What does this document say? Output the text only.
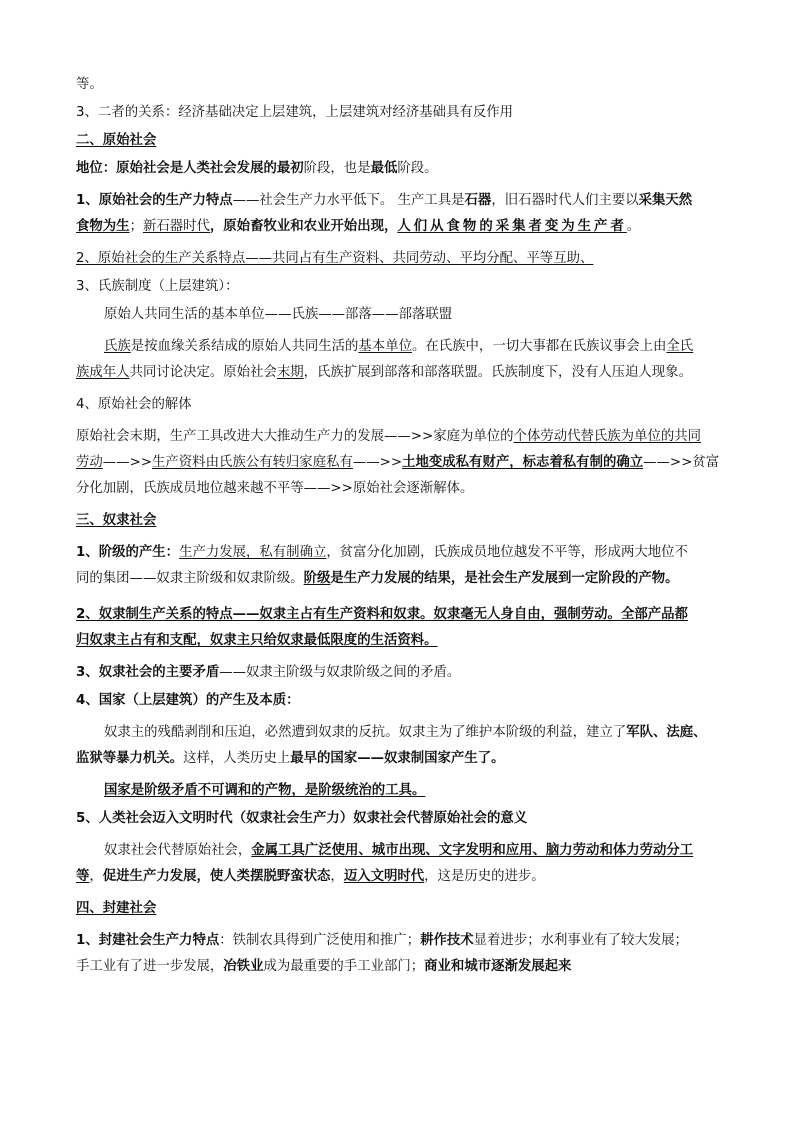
等。

3、二者的关系：经济基础决定上层建筑，上层建筑对经济基础具有反作用

二、原始社会

地位：原始社会是人类社会发展的最初阶段，也是最低阶段。

1、原始社会的生产力特点——社会生产力水平低下。 生产工具是石器，旧石器时代人们主要以采集天然

食物为生；新石器时代，原始畜牧业和农业开始出现，人们从食物的采集者变为生产者。

2、原始社会的生产关系特点——共同占有生产资料、共同劳动、平均分配、平等互助、

3、氏族制度（上层建筑）：

原始人共同生活的基本单位——氏族——部落——部落联盟

氏族是按血缘关系结成的原始人共同生活的基本单位。在氏族中，一切大事都在氏族议事会上由全氏

族成年人共同讨论决定。原始社会末期，氏族扩展到部落和部落联盟。氏族制度下，没有人压迫人现象。

4、原始社会的解体

原始社会末期，生产工具改进大大推动生产力的发展——>>家庭为单位的个体劳动代替氏族为单位的共同

劳动——>>生产资料由氏族公有转归家庭私有——>>土地变成私有财产，标志着私有制的确立——>>贫富

分化加剧，氏族成员地位越来越不平等——>>原始社会逐渐解体。

三、奴隶社会

1、阶级的产生：生产力发展，私有制确立，贫富分化加剧，氏族成员地位越发不平等，形成两大地位不

同的集团——奴隶主阶级和奴隶阶级。阶级是生产力发展的结果，是社会生产发展到一定阶段的产物。

2、奴隶制生产关系的特点——奴隶主占有生产资料和奴隶。奴隶毫无人身自由，强制劳动。全部产品都

归奴隶主占有和支配，奴隶主只给奴隶最低限度的生活资料。

3、奴隶社会的主要矛盾——奴隶主阶级与奴隶阶级之间的矛盾。

4、国家（上层建筑）的产生及本质：

奴隶主的残酷剥削和压迫，必然遭到奴隶的反抗。奴隶主为了维护本阶级的利益，建立了军队、法庭、

监狱等暴力机关。这样，人类历史上最早的国家——奴隶制国家产生了。

国家是阶级矛盾不可调和的产物，是阶级统治的工具。

5、人类社会迈入文明时代（奴隶社会生产力）奴隶社会代替原始社会的意义

奴隶社会代替原始社会，金属工具广泛使用、城市出现、文字发明和应用、脑力劳动和体力劳动分工

等，促进生产力发展，使人类摆脱野蛮状态，迈入文明时代，这是历史的进步。

四、封建社会

1、封建社会生产力特点：铁制农具得到广泛使用和推广；耕作技术显着进步；水利事业有了较大发展；

手工业有了进一步发展，冶铁业成为最重要的手工业部门；商业和城市逐渐发展起来
